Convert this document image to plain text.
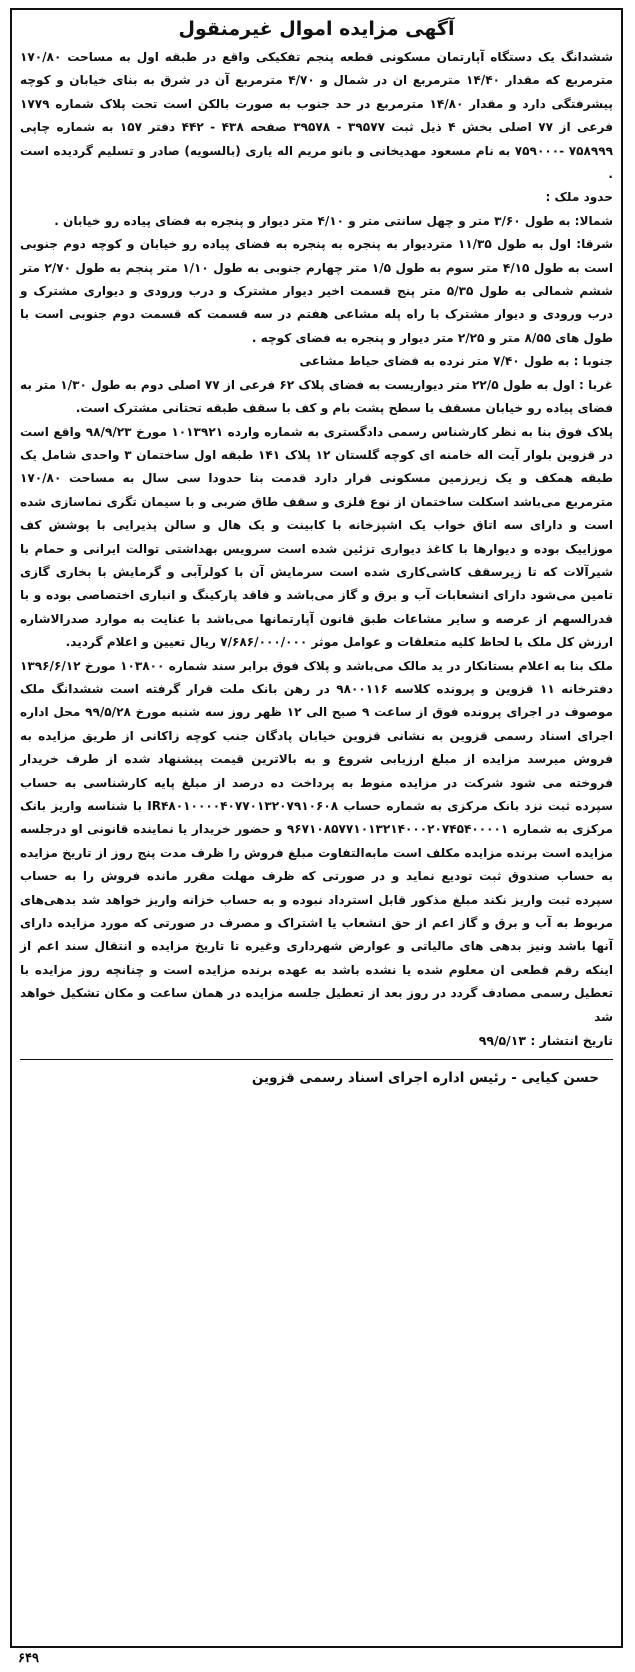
آگهی مزایده اموال غیرمنقول

ششدانگ یک دستگاه آپارتمان مسکونی قطعه پنجم تفکیکی واقع در طبقه اول به مساحت ۱۷۰/۸۰ مترمربع که مقدار ۱۴/۴۰ مترمربع ان در شمال و ۴/۷۰ مترمربع آن در شرق به بنای خیابان و کوچه پیشرفتگی دارد و مقدار ۱۴/۸۰ مترمربع در حد جنوب به صورت بالکن است تحت پلاک شماره ۱۷۷۹ فرعی از ۷۷ اصلی بخش ۴ ذیل ثبت ۳۹۵۷۷ - ۳۹۵۷۸ صفحه ۴۳۸ - ۴۴۲ دفتر ۱۵۷ به شماره چاپی ۷۵۸۹۹۹ -۷۵۹۰۰۰ به نام مسعود مهدیخانی و بانو مریم اله یاری (بالسویه) صادر و تسلیم گردیده است .

حدود ملک :

شمالا: به طول ۳/۶۰ متر و چهل سانتی متر و ۴/۱۰ متر دیوار و پنجره به فضای پیاده رو خیابان .

شرقا: اول به طول ۱۱/۳۵ متردیوار به پنجره به پنجره به فضای پیاده رو خیابان و کوچه دوم جنوبی است به طول ۴/۱۵ متر سوم به طول ۱/۵ متر چهارم جنوبی به طول ۱/۱۰ متر پنجم به طول ۲/۷۰ متر ششم شمالی به طول ۵/۳۵ متر پنج قسمت اخیر دیوار مشترک و درب ورودی و دیواری مشترک و درب ورودی و دیوار مشترک با راه پله مشاعی هفتم در سه قسمت که قسمت دوم جنوبی است با طول های ۸/۵۵ متر و ۲/۲۵ متر دیوار و پنجره به فضای کوچه .

جنوبا : به طول ۷/۴۰ متر نرده به فضای حیاط مشاعی

غربا : اول به طول ۲۲/۵ متر دیواریست به فضای پلاک ۶۲ فرعی از ۷۷ اصلی دوم به طول ۱/۳۰ متر به فضای پیاده رو خیابان مسقف با سطح پشت بام و کف با سقف طبقه تحتانی مشترک است.

پلاک فوق بنا به نظر کارشناس رسمی دادگستری به شماره وارده ۱۰۱۳۹۲۱ مورخ ۹۸/۹/۲۳ واقع است در قزوین بلوار آیت اله خامنه ای کوچه گلستان ۱۲ پلاک ۱۴۱ طبقه اول ساختمان ۳ واحدی شامل یک طبقه همکف و یک زیرزمین مسکونی قرار دارد قدمت بنا حدودا سی سال به مساحت ۱۷۰/۸۰ مترمربع می‌باشد اسکلت ساختمان از نوع فلزی و سقف طاق ضربی و با سیمان تگری نماسازی شده است و دارای سه اتاق خواب یک اشپزخانه با کابینت و یک هال و سالن پذیرایی با پوشش کف موزاییک بوده و دیوارها با کاغذ دیواری تزئین شده است سرویس بهداشتی توالت ایرانی و حمام با شیرآلات که تا زیرسقف کاشی‌کاری شده است سرمایش آن با کولرآبی و گرمایش با بخاری گازی تامین می‌شود دارای انشعابات آب و برق و گاز می‌باشد و فاقد پارکینگ و انباری اختصاصی بوده و با قدرالسهم از عرصه و سایر مشاعات طبق قانون آپارتمانها می‌باشد با عنایت به موارد صدرالاشاره ارزش کل ملک با لحاظ کلیه متعلقات و عوامل موثر ۷/۶۸۶/۰۰۰/۰۰۰ ریال تعیین و اعلام گردید.

ملک بنا به اعلام بستانکار در ید مالک می‌باشد و پلاک فوق برابر سند شماره ۱۰۳۸۰۰ مورخ ۱۳۹۶/۶/۱۲ دفترخانه ۱۱ قزوین و پرونده کلاسه ۹۸۰۰۱۱۶ در رهن بانک ملت قرار گرفته است ششدانگ ملک موصوف در اجرای پرونده فوق از ساعت ۹ صبح الی ۱۲ ظهر روز سه شنبه مورخ ۹۹/۵/۲۸ محل اداره اجرای اسناد رسمی قزوین به نشانی قزوین خیابان پادگان جنب کوچه زاکانی از طریق مزایده به فروش میرسد مزایده از مبلغ ارزیابی شروع و به بالاترین قیمت پیشنهاد شده از طرف خریدار فروخته می شود شرکت در مزایده منوط به پرداخت ده درصد از مبلغ پایه کارشناسی به حساب سپرده ثبت نزد بانک مرکزی به شماره حساب IR۴۸۰۱۰۰۰۰۴۰۷۷۰۱۳۲۰۷۹۱۰۶۰۸ با شناسه واریز بانک مرکزی به شماره ۹۶۷۱۰۸۵۷۷۱۰۱۳۲۱۴۰۰۰۲۰۷۴۵۴۰۰۰۰۱ و حضور خریدار یا نماینده قانونی او درجلسه مزایده است برنده مزایده مکلف است مابه‌التفاوت مبلغ فروش را ظرف مدت پنج روز از تاریخ مزایده به حساب صندوق ثبت تودیع نماید و در صورتی که ظرف مهلت مقرر مانده فروش را به حساب سپرده ثبت واریز نکند مبلغ مذکور قابل استرداد نبوده و به حساب خزانه واریز خواهد شد بدهی‌های مربوط به آب و برق و گاز اعم از حق انشعاب یا اشتراک و مصرف در صورتی که مورد مزایده دارای آنها باشد ونیز بدهی های مالیاتی و عوارض شهرداری وغیره تا تاریخ مزایده و انتقال سند اعم از اینکه رقم قطعی ان معلوم شده یا نشده باشد به عهده برنده مزایده است و چنانچه روز مزایده با تعطیل رسمی مصادف گردد در روز بعد از تعطیل جلسه مزایده در همان ساعت و مکان تشکیل خواهد شد

تاریخ انتشار : ۹۹/۵/۱۳
حسن کیایی - رئیس اداره اجرای اسناد رسمی قزوین
۶۴۹
